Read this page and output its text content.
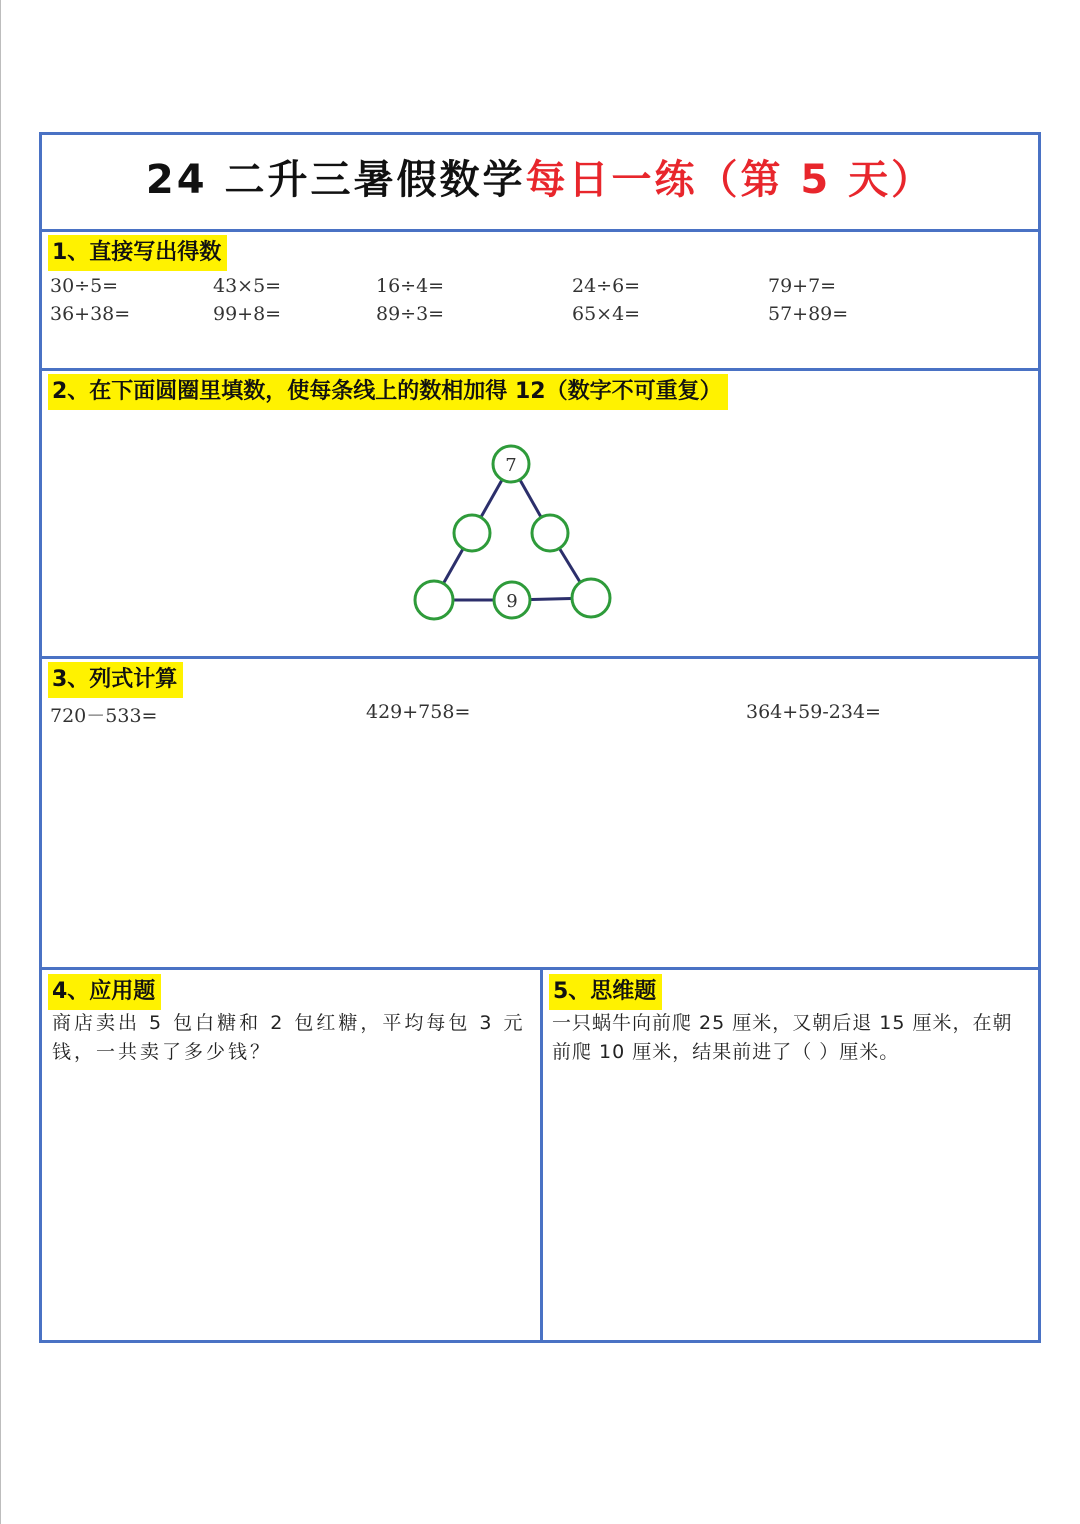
24 二升三暑假数学每日一练（第 5 天）
1、直接写出得数
30÷5=	43×5=	16÷4=	24÷6=	79+7=
36+38=	99+8=	89÷3=	65×4=	57+89=
2、在下面圆圈里填数，使每条线上的数相加得 12（数字不可重复）
7
9
3、列式计算
720－533=	429+758=	364+59-234=
4、应用题
商店卖出 5 包白糖和 2 包红糖，平均每包 3 元
钱，一共卖了多少钱？
5、思维题
一只蜗牛向前爬 25 厘米，又朝后退 15 厘米，在朝
前爬 10 厘米，结果前进了（ ）厘米。
